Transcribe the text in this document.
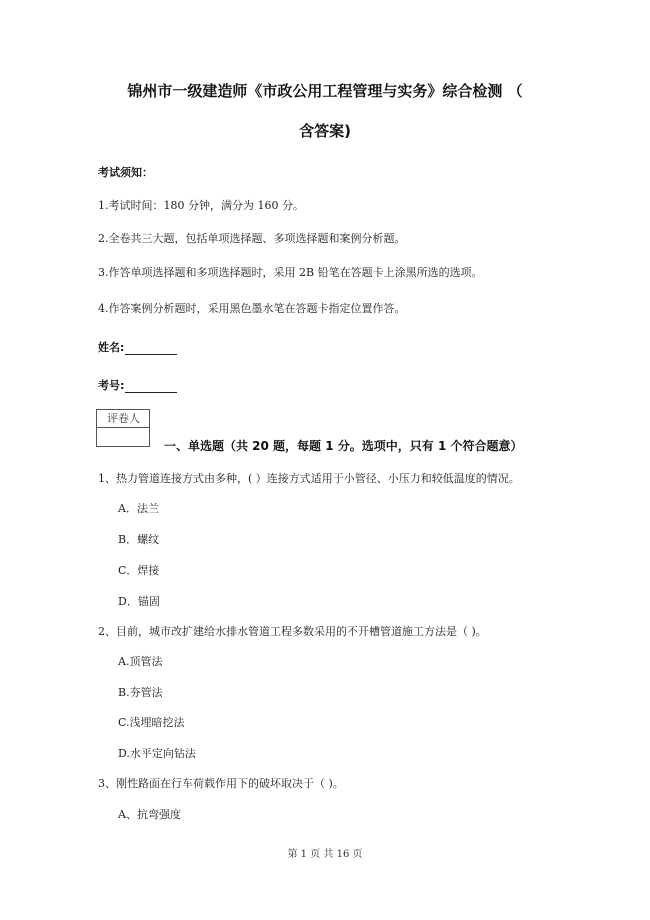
锦州市一级建造师《市政公用工程管理与实务》综合检测 （
含答案)
考试须知：
1.考试时间：180 分钟，满分为 160 分。
2.全卷共三大题，包括单项选择题、多项选择题和案例分析题。
3.作答单项选择题和多项选择题时，采用 2B 铅笔在答题卡上涂黑所选的选项。
4.作答案例分析题时，采用黑色墨水笔在答题卡指定位置作答。
姓名:
考号:
评卷人
一、单选题（共 20 题，每题 1 分。选项中，只有 1 个符合题意）
1、热力管道连接方式由多种，( ）连接方式适用于小管径、小压力和较低温度的情况。
A．法兰
B．螺纹
C．焊接
D．锚固
2、目前，城市改扩建给水排水管道工程多数采用的不开槽管道施工方法是（ )。
A.顶管法
B.夯管法
C.浅埋暗挖法
D.水平定向钻法
3、刚性路面在行车荷载作用下的破坏取决于（ )。
A、抗弯强度
第 1 页 共 16 页
